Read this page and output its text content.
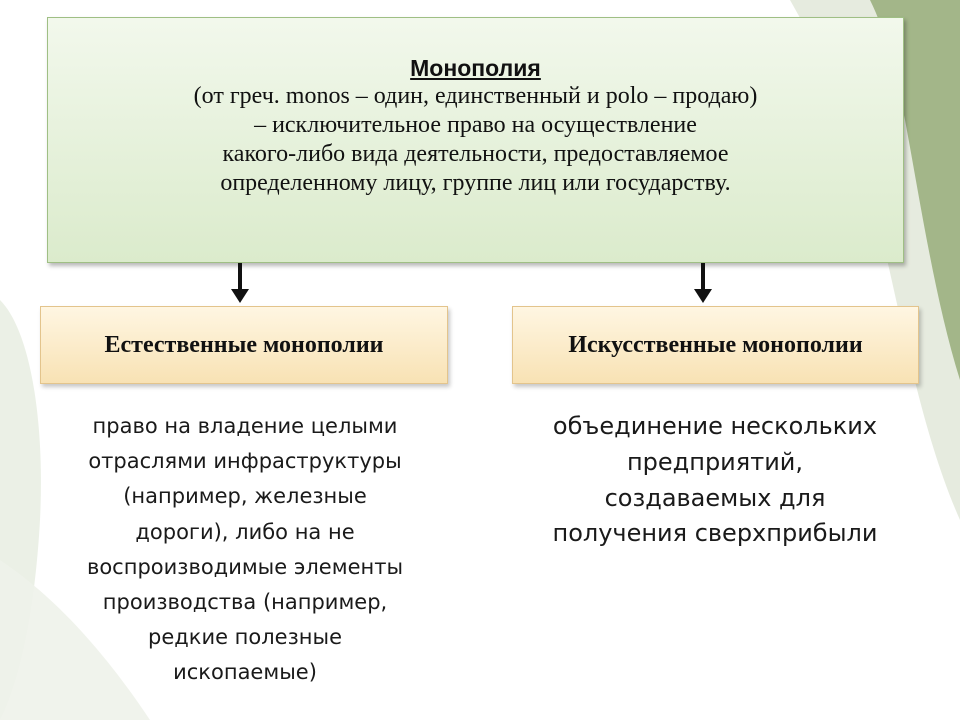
Монополия
(от греч. monos – один, единственный и polo – продаю)
– исключительное право на осуществление
какого-либо вида деятельности, предоставляемое
определенному лицу, группе лиц или государству.
Естественные монополии	Искусственные монополии
право на владение целыми
отраслями инфраструктуры
(например, железные
дороги), либо на не
воспроизводимые элементы
производства (например,
редкие полезные
ископаемые)
объединение нескольких
предприятий,
создаваемых для
получения сверхприбыли
